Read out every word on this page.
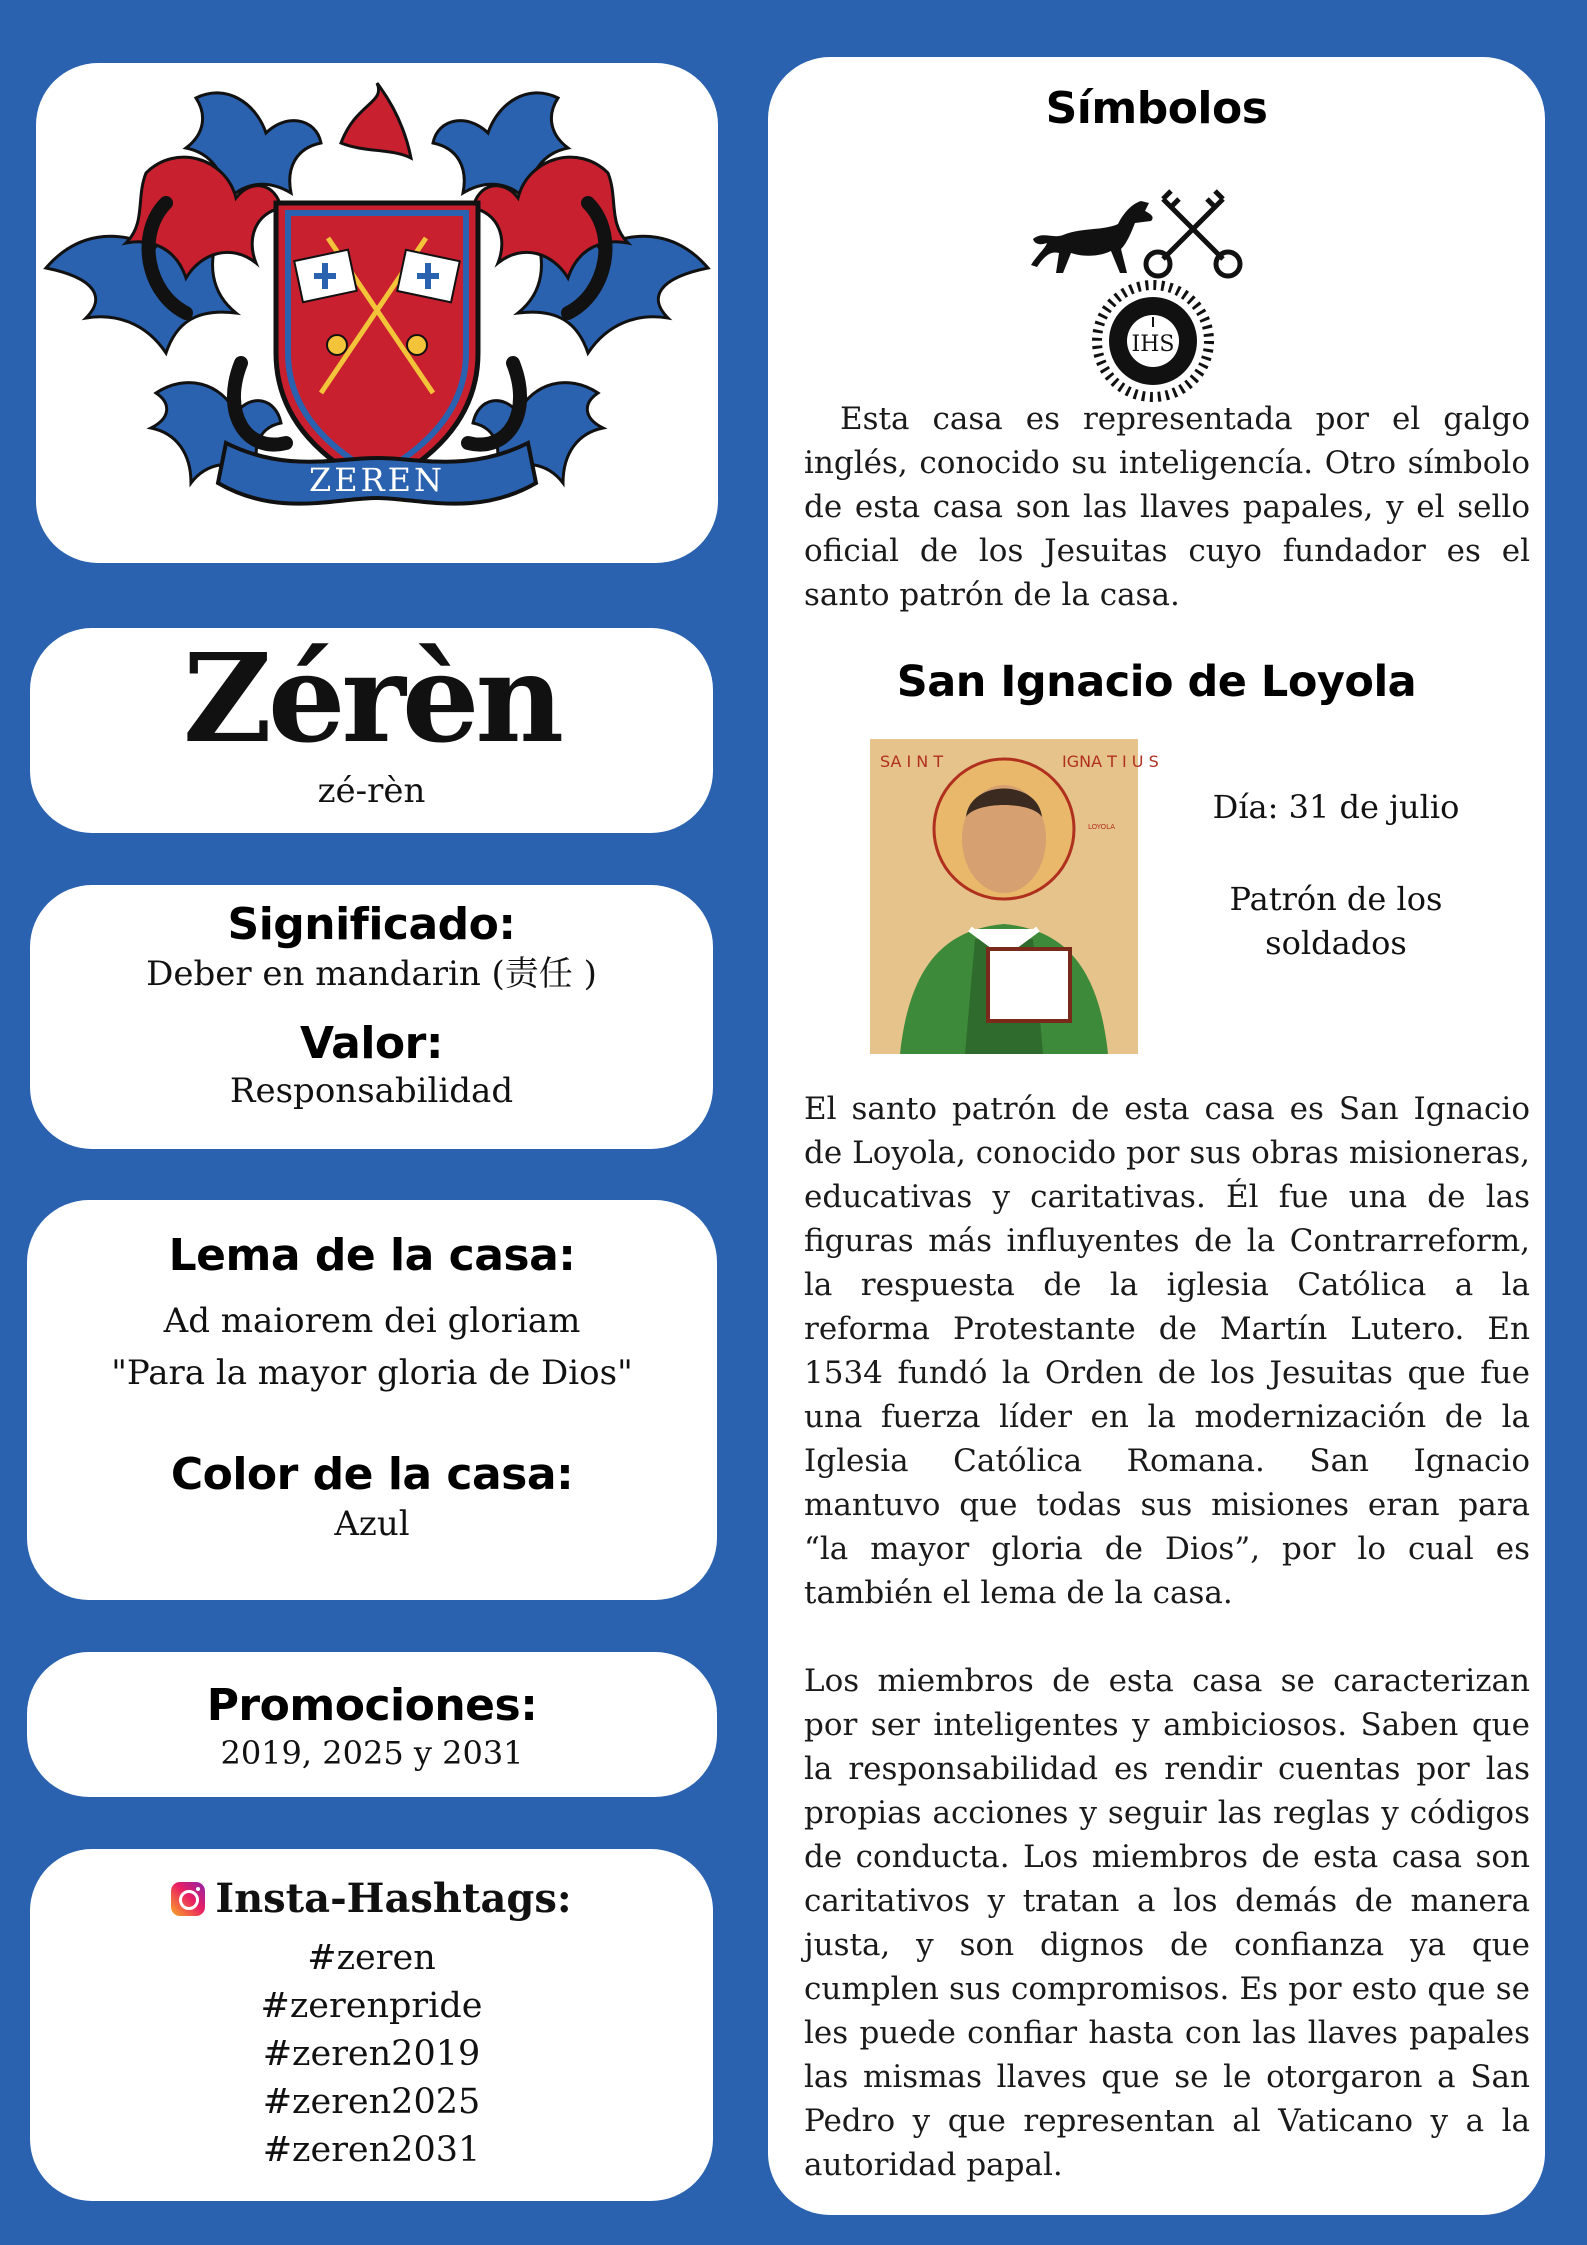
ZEREN
Zérèn
zé-rèn
Significado:
Deber en mandarin (责任 )
Valor:
Responsabilidad
Lema de la casa:
Ad maiorem dei gloriam
"Para la mayor gloria de Dios"
Color de la casa:
Azul
Promociones:
2019, 2025 y 2031
Insta-Hashtags:
#zeren
#zerenpride
#zeren2019
#zeren2025
#zeren2031
Símbolos
IHS
Esta casa es representada por el galgo inglés, conocido su inteligencía. Otro símbolo de esta casa son las llaves papales, y el sello oficial de los Jesuitas cuyo fundador es el santo patrón de la casa.
San Ignacio de Loyola
SA I N T	IGNA T I U S
LOYOLA
Día: 31 de julio
Patrón de los soldados
El santo patrón de esta casa es San Ignacio de Loyola, conocido por sus obras misioneras, educativas y caritativas. Él fue una de las figuras más influyentes de la Contrarreform, la respuesta de la iglesia Católica a la reforma Protestante de Martín Lutero. En 1534 fundó la Orden de los Jesuitas que fue una fuerza líder en la modernización de la Iglesia Católica Romana. San Ignacio mantuvo que todas sus misiones eran para “la mayor gloria de Dios”, por lo cual es también el lema de la casa.
Los miembros de esta casa se caracterizan por ser inteligentes y ambiciosos. Saben que la responsabilidad es rendir cuentas por las propias acciones y seguir las reglas y códigos de conducta. Los miembros de esta casa son caritativos y tratan a los demás de manera justa, y son dignos de confianza ya que cumplen sus compromisos. Es por esto que se les puede confiar hasta con las llaves papales las mismas llaves que se le otorgaron a San Pedro y que representan al Vaticano y a la autoridad papal.
